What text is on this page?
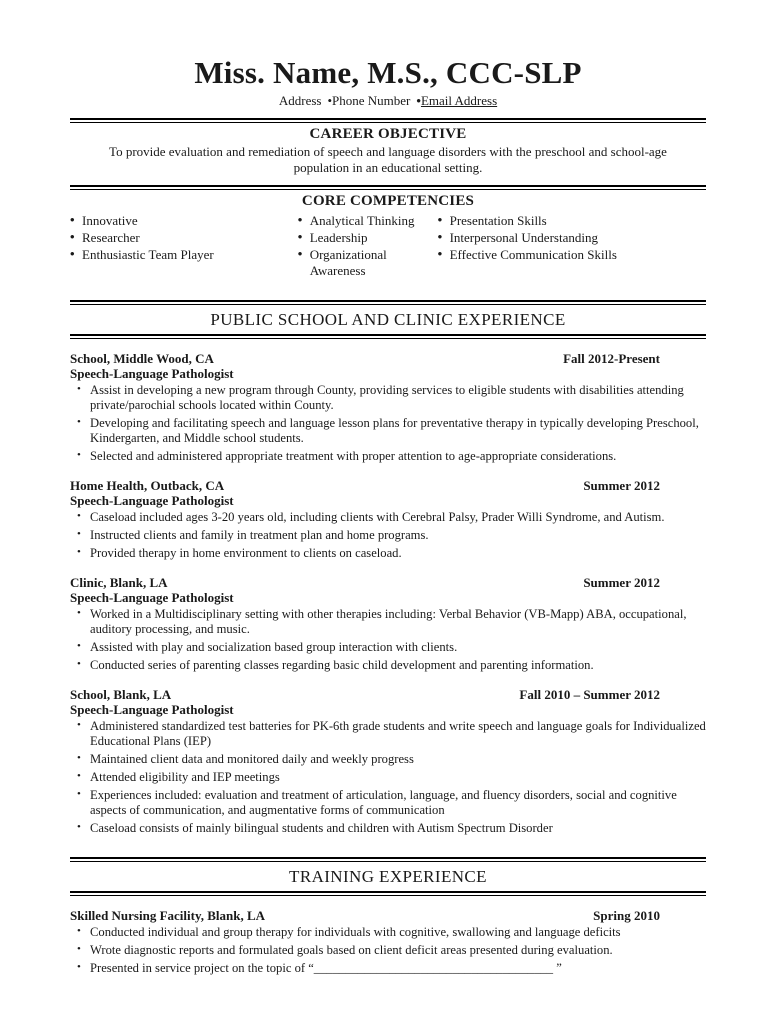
Miss. Name, M.S., CCC-SLP
Address •Phone Number •Email Address
CAREER OBJECTIVE

To provide evaluation and remediation of speech and language disorders with the preschool and school-age population in an educational setting.

CORE COMPETENCIES
• Innovative
• Researcher
• Enthusiastic Team Player
• Analytical Thinking
• Leadership
• Organizational Awareness
• Presentation Skills
• Interpersonal Understanding
• Effective Communication Skills
PUBLIC SCHOOL AND CLINIC EXPERIENCE
School, Middle Wood, CA	Fall 2012-Present
Speech-Language Pathologist
• Assist in developing a new program through County, providing services to eligible students with disabilities attending private/parochial schools located within County.
• Developing and facilitating speech and language lesson plans for preventative therapy in typically developing Preschool, Kindergarten, and Middle school students.
• Selected and administered appropriate treatment with proper attention to age-appropriate considerations.
Home Health, Outback, CA	Summer 2012
Speech-Language Pathologist
• Caseload included ages 3-20 years old, including clients with Cerebral Palsy, Prader Willi Syndrome, and Autism.
• Instructed clients and family in treatment plan and home programs.
• Provided therapy in home environment to clients on caseload.
Clinic, Blank, LA	Summer 2012
Speech-Language Pathologist
• Worked in a Multidisciplinary setting with other therapies including: Verbal Behavior (VB-Mapp) ABA, occupational, auditory processing, and music.
• Assisted with play and socialization based group interaction with clients.
• Conducted series of parenting classes regarding basic child development and parenting information.
School, Blank, LA	Fall 2010 – Summer 2012
Speech-Language Pathologist
• Administered standardized test batteries for PK-6th grade students and write speech and language goals for Individualized Educational Plans (IEP)
• Maintained client data and monitored daily and weekly progress
• Attended eligibility and IEP meetings
• Experiences included: evaluation and treatment of articulation, language, and fluency disorders, social and cognitive aspects of communication, and augmentative forms of communication
• Caseload consists of mainly bilingual students and children with Autism Spectrum Disorder
TRAINING EXPERIENCE
Skilled Nursing Facility, Blank, LA	Spring 2010
• Conducted individual and group therapy for individuals with cognitive, swallowing and language deficits
• Wrote diagnostic reports and formulated goals based on client deficit areas presented during evaluation.
• Presented in service project on the topic of “______________________________________ ”
